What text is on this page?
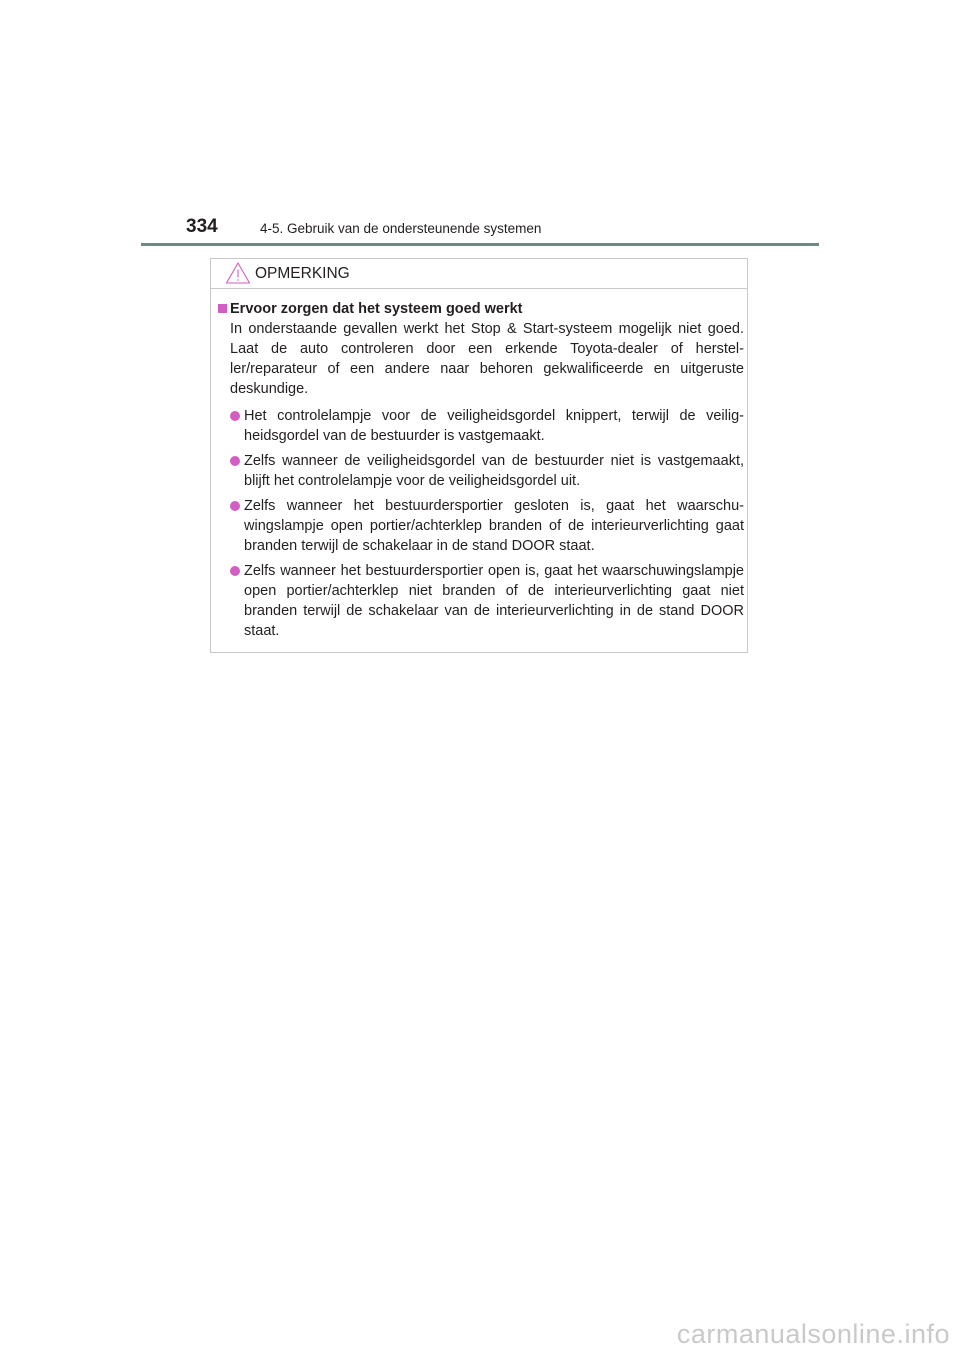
334	4-5. Gebruik van de ondersteunende systemen
OPMERKING
Ervoor zorgen dat het systeem goed werkt

In onderstaande gevallen werkt het Stop & Start-systeem mogelijk niet goed. Laat de auto controleren door een erkende Toyota-dealer of hersteller/reparateur of een andere naar behoren gekwalificeerde en uitgeruste deskundige.

Het controlelampje voor de veiligheidsgordel knippert, terwijl de veiligheidsgordel van de bestuurder is vastgemaakt.
Zelfs wanneer de veiligheidsgordel van de bestuurder niet is vastgemaakt, blijft het controlelampje voor de veiligheidsgordel uit.
Zelfs wanneer het bestuurdersportier gesloten is, gaat het waarschuwingslampje open portier/achterklep branden of de interieurverlichting gaat branden terwijl de schakelaar in de stand DOOR staat.
Zelfs wanneer het bestuurdersportier open is, gaat het waarschuwingslampje open portier/achterklep niet branden of de interieurverlichting gaat niet branden terwijl de schakelaar van de interieurverlichting in de stand DOOR staat.
carmanualsonline.info
